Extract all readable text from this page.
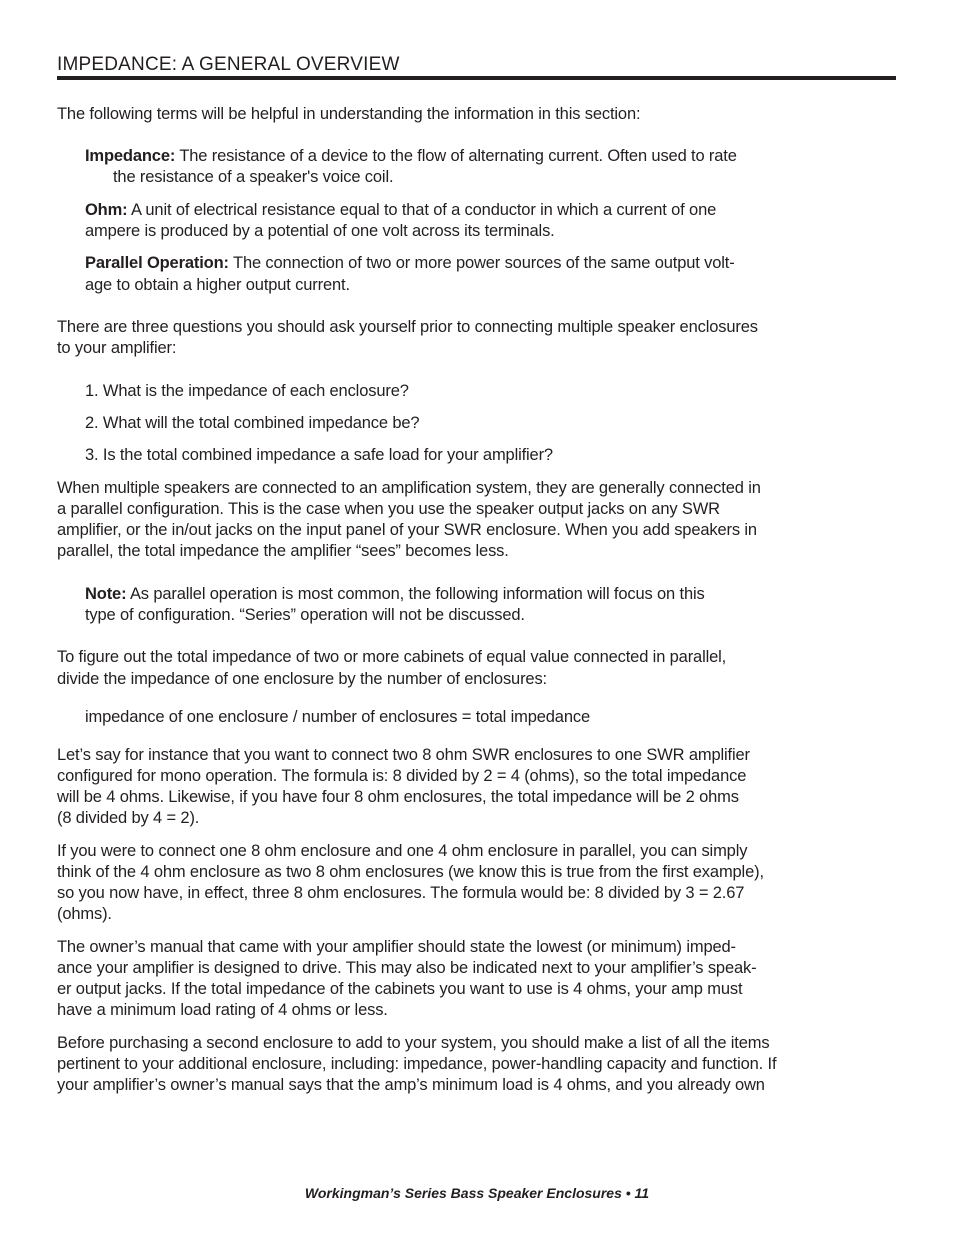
IMPEDANCE: A GENERAL OVERVIEW
The following terms will be helpful in understanding the information in this section:
Impedance: The resistance of a device to the flow of alternating current. Often used to rate
the resistance of a speaker's voice coil.
Ohm: A unit of electrical resistance equal to that of a conductor in which a current of one
ampere is produced by a potential of one volt across its terminals.
Parallel Operation: The connection of two or more power sources of the same output volt-
age to obtain a higher output current.
There are three questions you should ask yourself prior to connecting multiple speaker enclosures
to your amplifier:
1. What is the impedance of each enclosure?
2. What will the total combined impedance be?
3. Is the total combined impedance a safe load for your amplifier?
When multiple speakers are connected to an amplification system, they are generally connected in
a parallel configuration. This is the case when you use the speaker output jacks on any SWR
amplifier, or the in/out jacks on the input panel of your SWR enclosure. When you add speakers in
parallel, the total impedance the amplifier “sees” becomes less.
Note: As parallel operation is most common, the following information will focus on this
type of configuration. “Series” operation will not be discussed.
To figure out the total impedance of two or more cabinets of equal value connected in parallel,
divide the impedance of one enclosure by the number of enclosures:
impedance of one enclosure / number of enclosures = total impedance
Let’s say for instance that you want to connect two 8 ohm SWR enclosures to one SWR amplifier
configured for mono operation. The formula is: 8 divided by 2 = 4 (ohms), so the total impedance
will be 4 ohms. Likewise, if you have four 8 ohm enclosures, the total impedance will be 2 ohms
(8 divided by 4 = 2).
If you were to connect one 8 ohm enclosure and one 4 ohm enclosure in parallel, you can simply
think of the 4 ohm enclosure as two 8 ohm enclosures (we know this is true from the first example),
so you now have, in effect, three 8 ohm enclosures. The formula would be: 8 divided by 3 = 2.67
(ohms).
The owner’s manual that came with your amplifier should state the lowest (or minimum) imped-
ance your amplifier is designed to drive. This may also be indicated next to your amplifier’s speak-
er output jacks. If the total impedance of the cabinets you want to use is 4 ohms, your amp must
have a minimum load rating of 4 ohms or less.
Before purchasing a second enclosure to add to your system, you should make a list of all the items
pertinent to your additional enclosure, including: impedance, power-handling capacity and function. If
your amplifier’s owner’s manual says that the amp’s minimum load is 4 ohms, and you already own
Workingman’s Series Bass Speaker Enclosures • 11
